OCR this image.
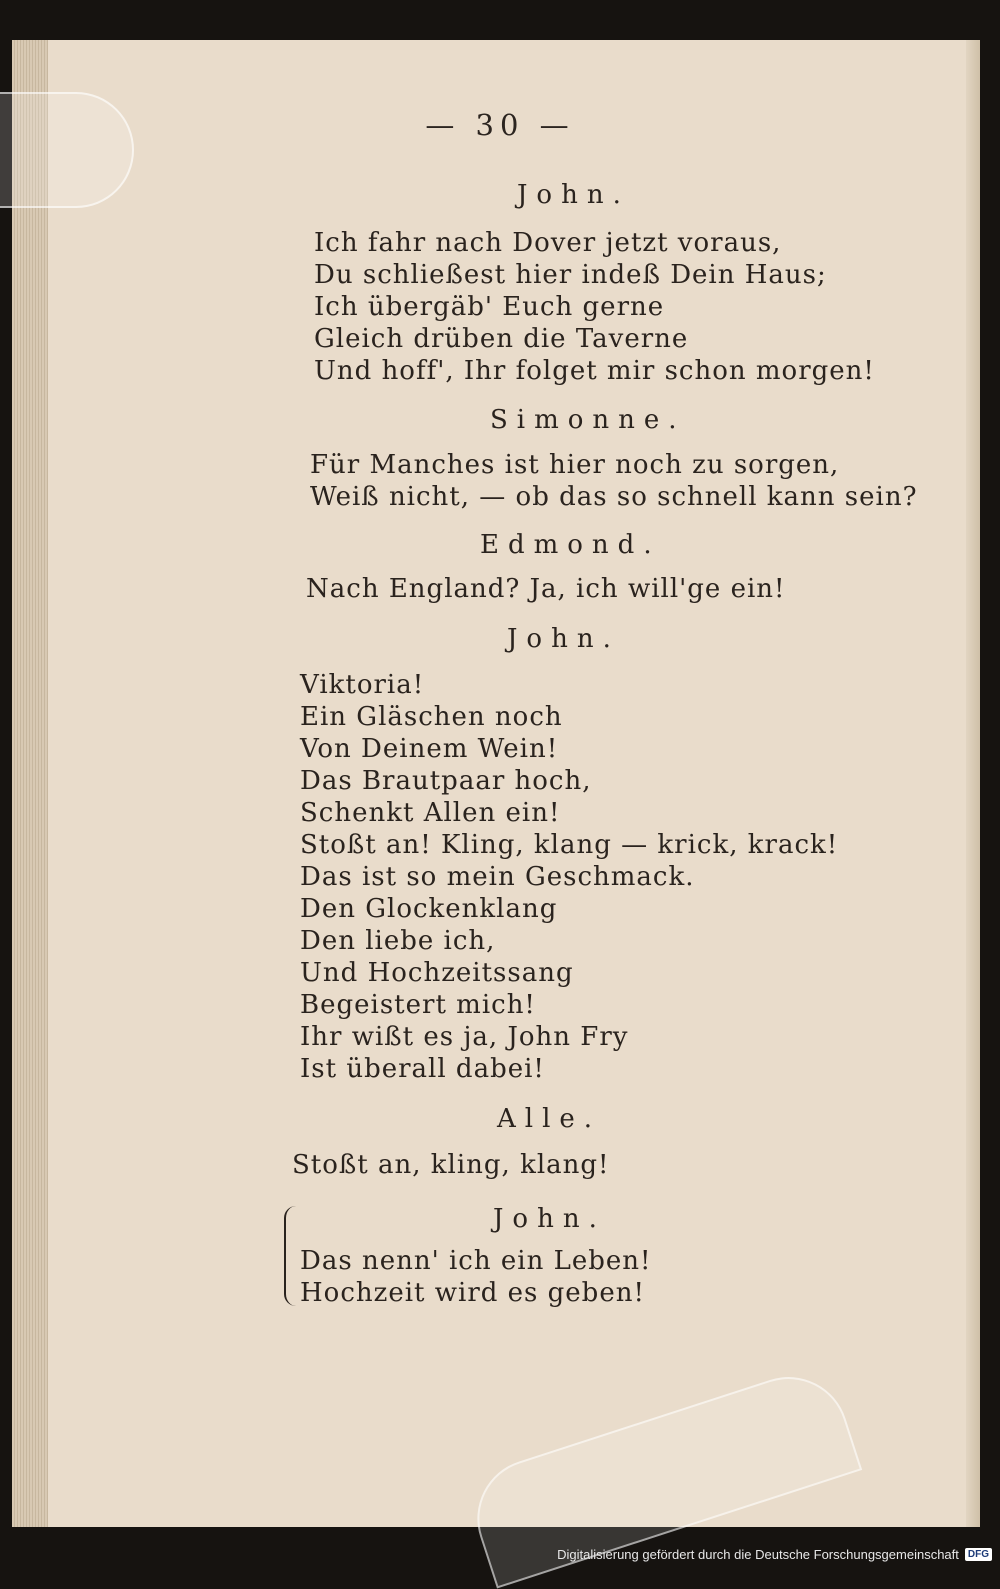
— 30 —
John.
Ich fahr nach Dover jetzt voraus,
Du schließest hier indeß Dein Haus;
Ich übergäb' Euch gerne
Gleich drüben die Taverne
Und hoff', Ihr folget mir schon morgen!
Simonne.
Für Manches ist hier noch zu sorgen,
Weiß nicht, — ob das so schnell kann sein?
Edmond.
Nach England? Ja, ich will'ge ein!
John.
Viktoria!
Ein Gläschen noch
Von Deinem Wein!
Das Brautpaar hoch,
Schenkt Allen ein!
Stoßt an! Kling, klang — krick, krack!
Das ist so mein Geschmack.
Den Glockenklang
Den liebe ich,
Und Hochzeitssang
Begeistert mich!
Ihr wißt es ja, John Fry
Ist überall dabei!
Alle.
Stoßt an, kling, klang!
John.
Das nenn' ich ein Leben!
Hochzeit wird es geben!
Digitalisierung gefördert durch die Deutsche Forschungsgemeinschaft DFG
